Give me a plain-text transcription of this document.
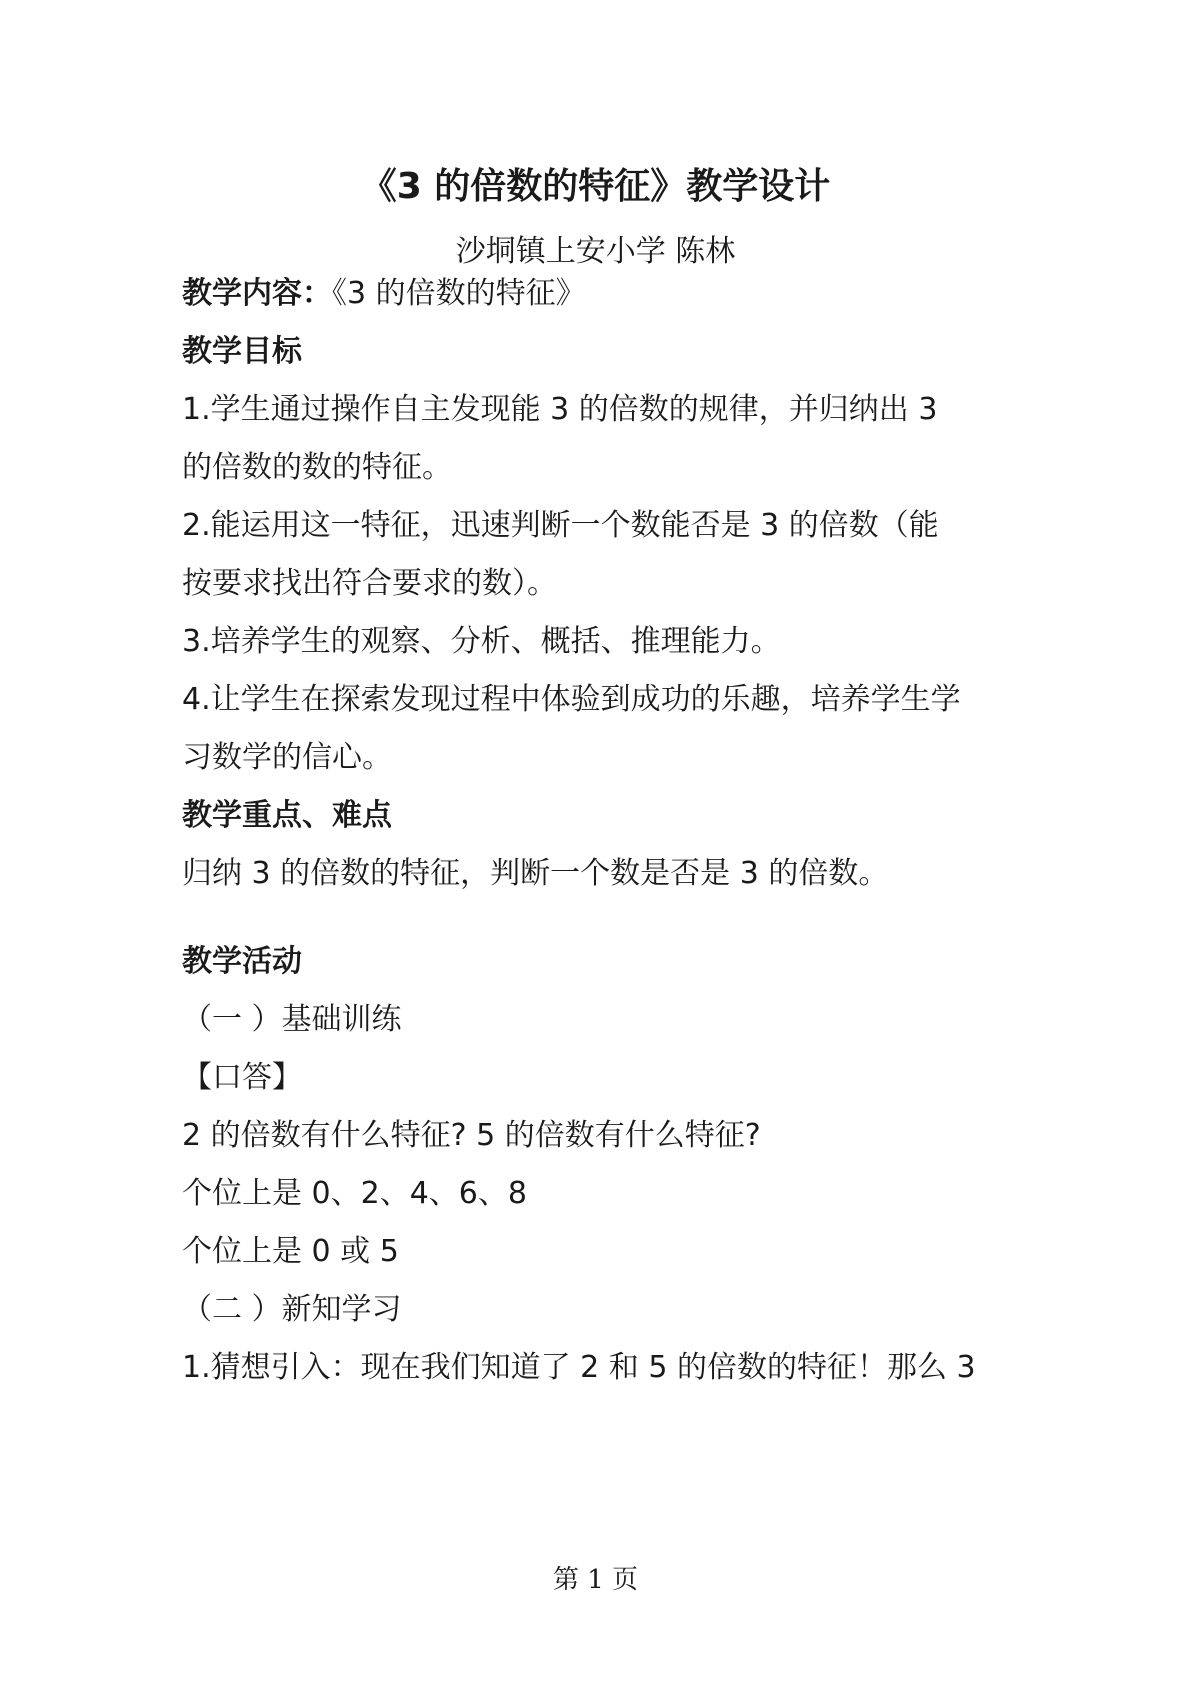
《3 的倍数的特征》教学设计
沙垌镇上安小学 陈林
教学内容：《3 的倍数的特征》
教学目标
1.学生通过操作自主发现能 3 的倍数的规律，并归纳出 3
的倍数的数的特征。
2.能运用这一特征，迅速判断一个数能否是 3 的倍数（能
按要求找出符合要求的数）。
3.培养学生的观察、分析、概括、推理能力。
4.让学生在探索发现过程中体验到成功的乐趣，培养学生学
习数学的信心。
教学重点、难点
归纳 3 的倍数的特征，判断一个数是否是 3 的倍数。
教学活动
（一 ）基础训练
【口答】
2 的倍数有什么特征? 5 的倍数有什么特征?
个位上是 0、2、4、6、8
个位上是 0 或 5
（二 ）新知学习
1.猜想引入：现在我们知道了 2 和 5 的倍数的特征！那么 3
第 1 页
